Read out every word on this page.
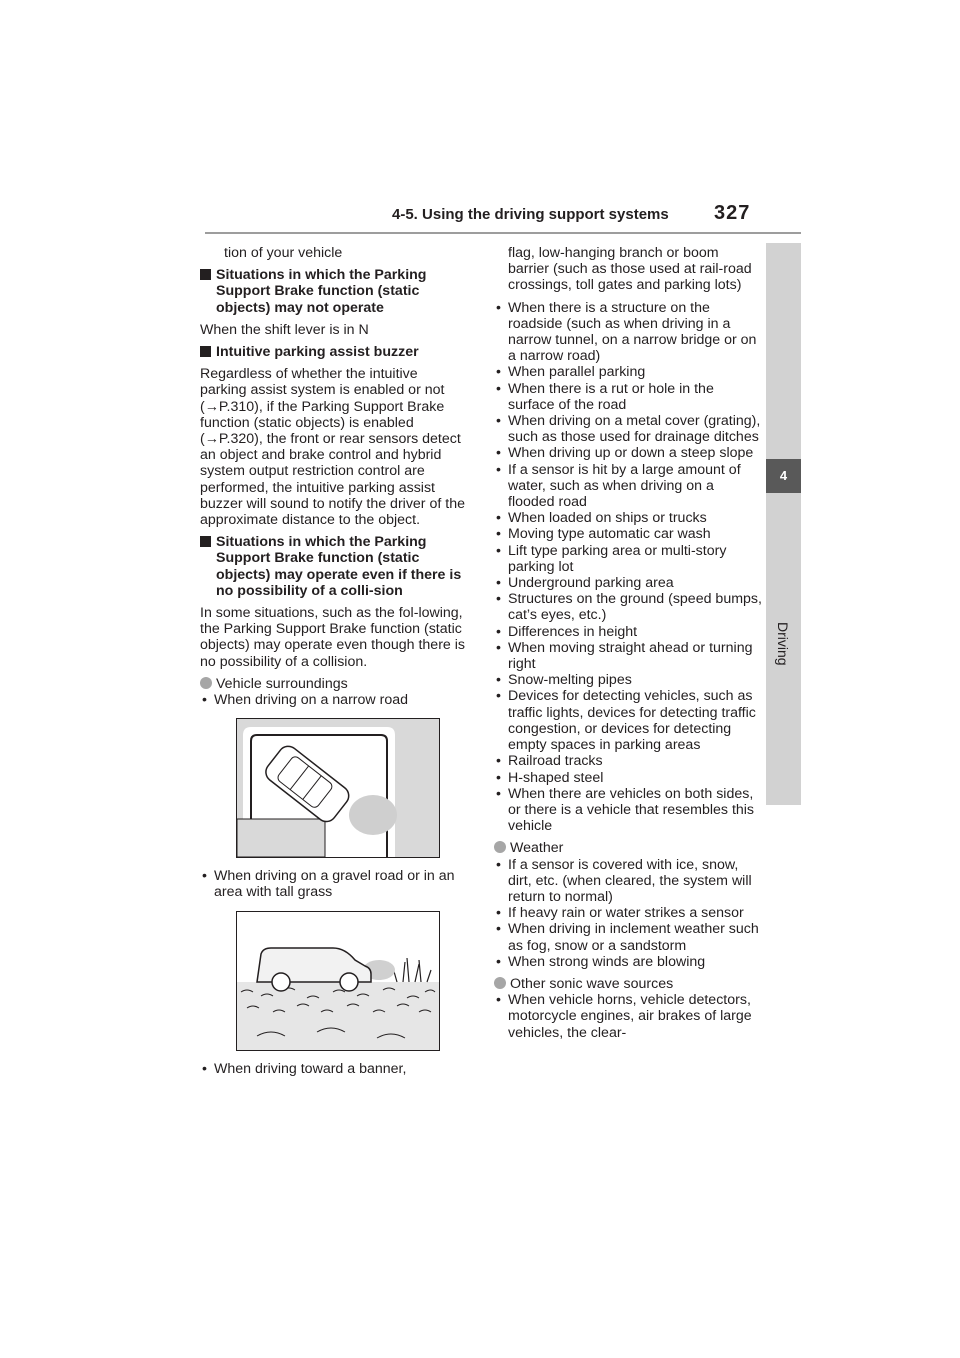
4-5. Using the driving support systems 327
4
Driving

tion of your vehicle

Situations in which the Parking Support Brake function (static objects) may not operate

When the shift lever is in N

Intuitive parking assist buzzer

Regardless of whether the intuitive parking assist system is enabled or not (→P.310), if the Parking Support Brake function (static objects) is enabled (→P.320), the front or rear sensors detect an object and brake control and hybrid system output restriction control are performed, the intuitive parking assist buzzer will sound to notify the driver of the approximate distance to the object.

Situations in which the Parking Support Brake function (static objects) may operate even if there is no possibility of a colli-sion

In some situations, such as the fol-lowing, the Parking Support Brake function (static objects) may operate even though there is no possibility of a collision.

Vehicle surroundings

• When driving on a narrow road
• When driving on a gravel road or in an area with tall grass
• When driving toward a banner,

flag, low-hanging branch or boom barrier (such as those used at rail-road crossings, toll gates and parking lots)

• When there is a structure on the roadside (such as when driving in a narrow tunnel, on a narrow bridge or on a narrow road)
• When parallel parking
• When there is a rut or hole in the surface of the road
• When driving on a metal cover (grating), such as those used for drainage ditches
• When driving up or down a steep slope
• If a sensor is hit by a large amount of water, such as when driving on a flooded road
• When loaded on ships or trucks
• Moving type automatic car wash
• Lift type parking area or multi-story parking lot
• Underground parking area
• Structures on the ground (speed bumps, cat’s eyes, etc.)
• Differences in height
• When moving straight ahead or turning right
• Snow-melting pipes
• Devices for detecting vehicles, such as traffic lights, devices for detecting traffic congestion, or devices for detecting empty spaces in parking areas
• Railroad tracks
• H-shaped steel
• When there are vehicles on both sides, or there is a vehicle that resembles this vehicle

Weather

• If a sensor is covered with ice, snow, dirt, etc. (when cleared, the system will return to normal)
• If heavy rain or water strikes a sensor
• When driving in inclement weather such as fog, snow or a sandstorm
• When strong winds are blowing

Other sonic wave sources

• When vehicle horns, vehicle detectors, motorcycle engines, air brakes of large vehicles, the clear-
